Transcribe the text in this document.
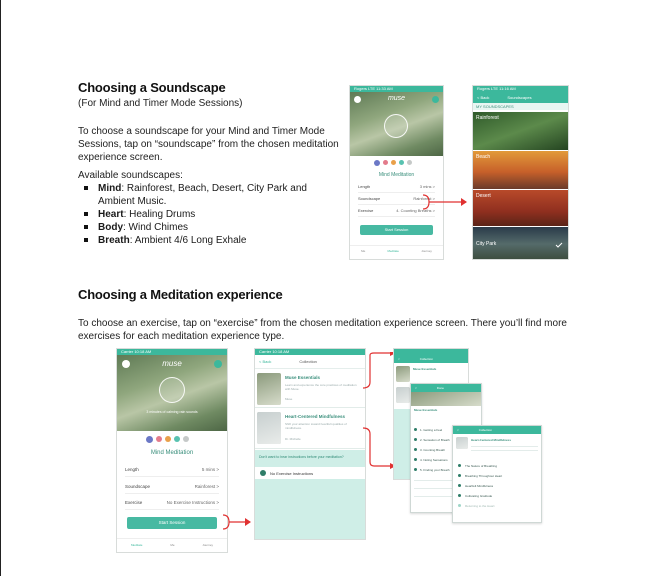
Choosing a Soundscape
(For Mind and Timer Mode Sessions)
To choose a soundscape for your Mind and Timer Mode Sessions, tap on “soundscape” from the chosen meditation experience screen.
Available soundscapes:
Mind: Rainforest, Beach, Desert, City Park and Ambient Music.
Heart: Healing Drums
Body: Wind Chimes
Breath: Ambient 4/6 Long Exhale
Choosing a Meditation experience
To choose an exercise, tap on “exercise” from the chosen meditation experience screen. There you’ll find more exercises for each meditation experience type.
Rogers LTE 11:33 AM
muse
Mind Meditation
Length	3 mins >
Soundscape	Rainforest >
Exercise	4. Counting Breaths >
Start Session
Me	Meditate	Journey
Rogers LTE 11:16 AM
< Back	Soundscapes
MY SOUNDSCAPES
Rainforest
Beach
Desert
City Park
Carrier 10:18 AM
muse
3 minutes of calming rain sounds
Mind Meditation
Length	5 mins >
Soundscape	Rainforest >
Exercise	No Exercise Instructions >
Start Session
Meditate	Me	Journey
Carrier 10:18 AM
< Back	Collection
Muse Essentials
Learn and experience the core practices of meditation with Muse.
Muse
Heart-Centered Mindfulness
Shift your attention toward heartfelt qualities of mindfulness.
Dr. Michelle
Don't want to hear instructions before your meditation?
No Exercise Instructions
<	Collection
Muse Essentials
<	Done
Muse Essentials
1. Getting a Feel
2. Sensation of Breath
3. Counting Breath
4. Noting Sensations
5. Finding your Breath
<	Collection
Heart-Centered Mindfulness
The Nature of Breathing
Breathing Throughout Heart
Heartfelt Mindfulness
Cultivating Gratitude
Returning to the Heart
